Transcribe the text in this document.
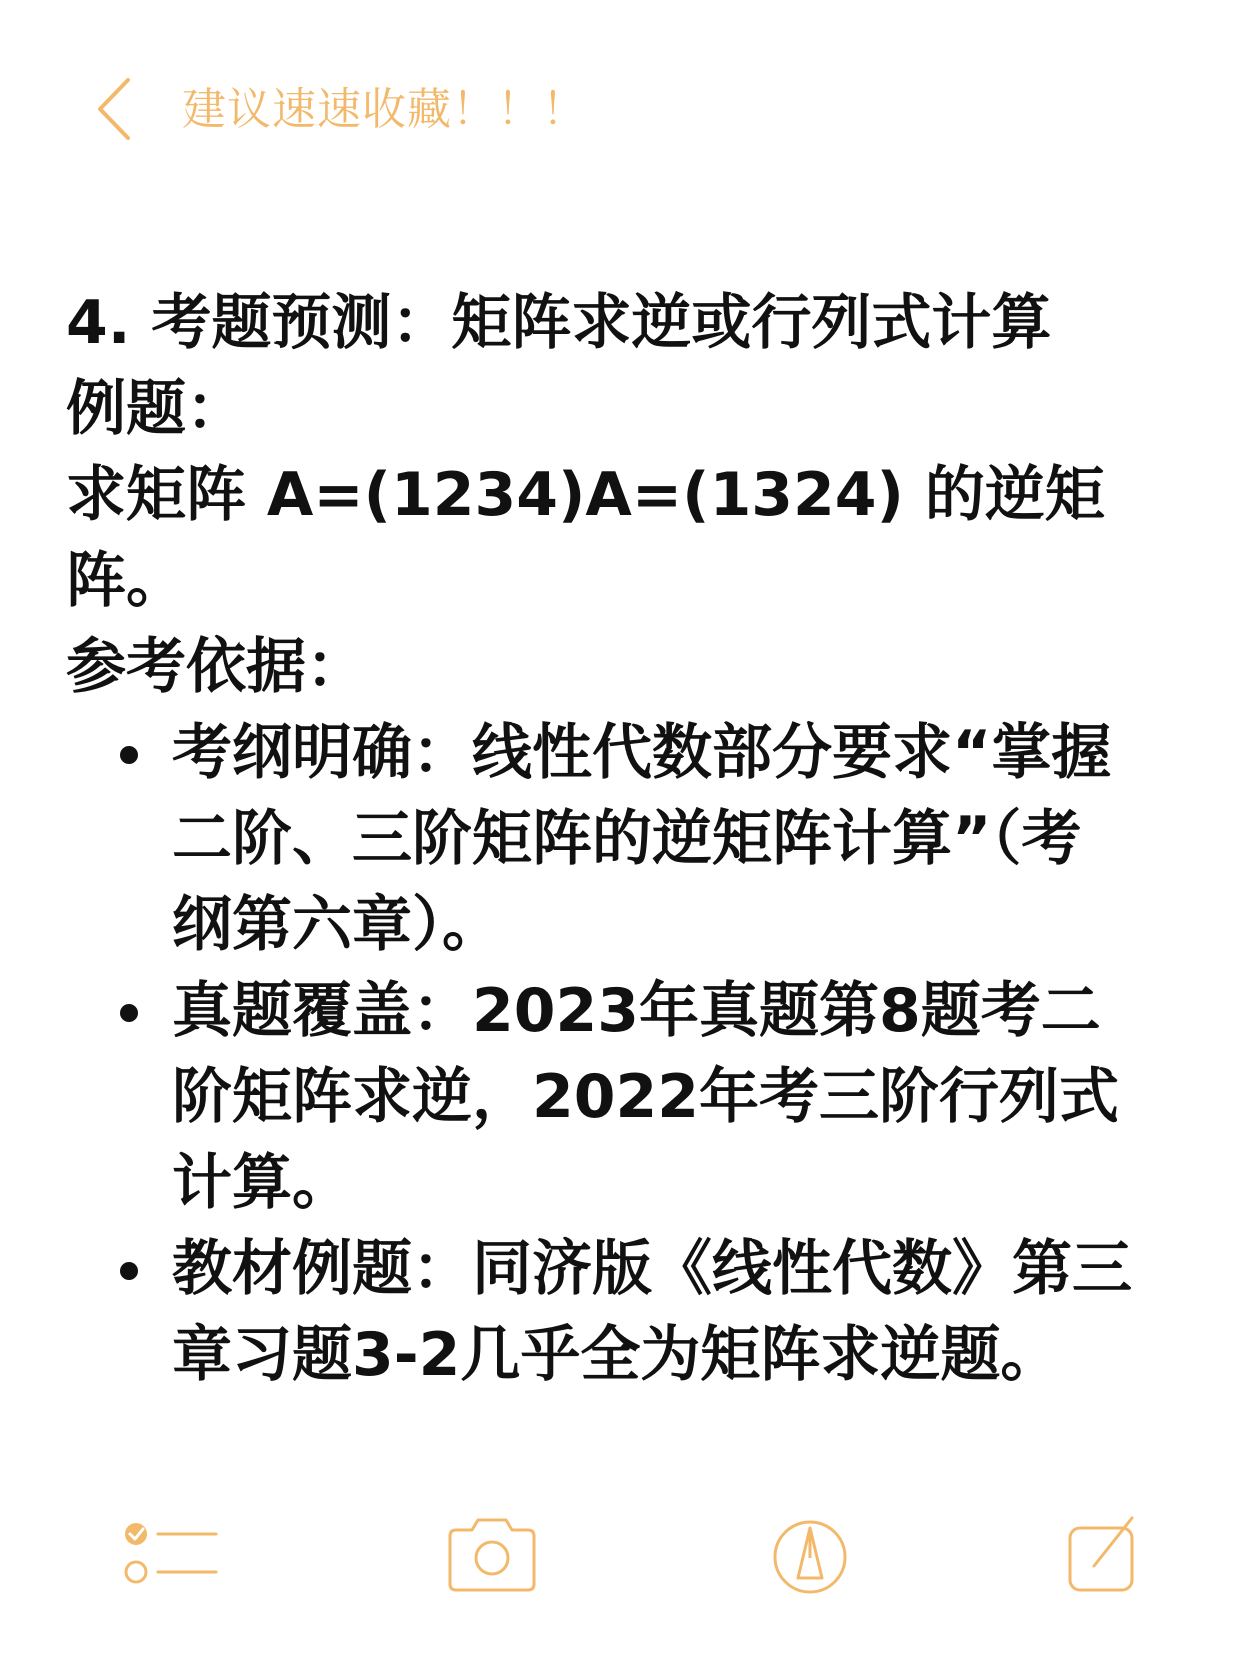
建议速速收藏！！！

4. 考题预测：矩阵求逆或行列式计算

例题：

求矩阵 A=(1234)A=(1324) 的逆矩

阵。

参考依据：

考纲明确：线性代数部分要求“掌握
二阶、三阶矩阵的逆矩阵计算”（考
纲第六章）。
真题覆盖：2023年真题第8题考二
阶矩阵求逆，2022年考三阶行列式
计算。
教材例题：同济版《线性代数》第三
章习题3-2几乎全为矩阵求逆题。
